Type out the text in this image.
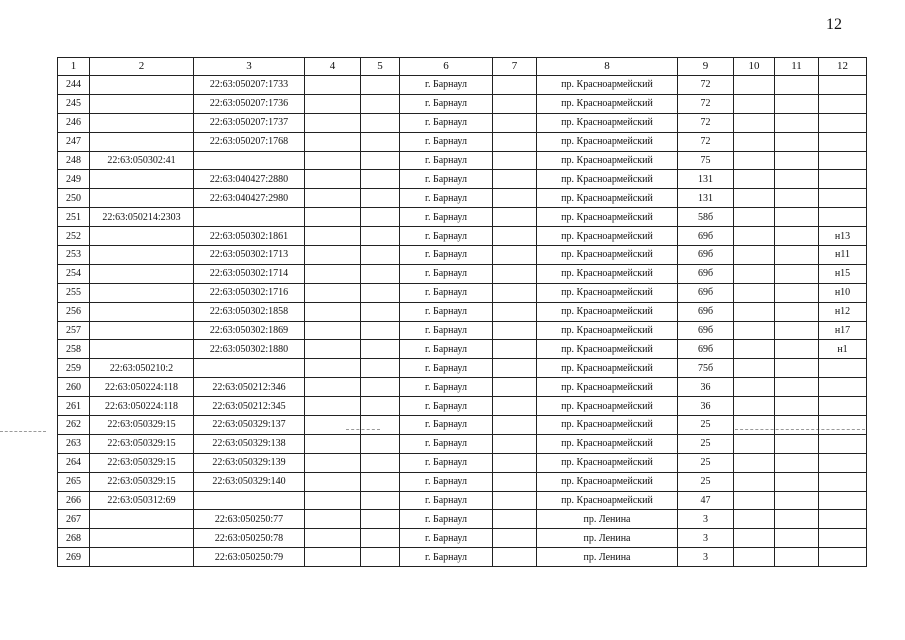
12
1	2	3	4	5	6	7	8	9	10	11	12
244		22:63:050207:1733			г. Барнаул		пр. Красноармейский	72			
245		22:63:050207:1736			г. Барнаул		пр. Красноармейский	72			
246		22:63:050207:1737			г. Барнаул		пр. Красноармейский	72			
247		22:63:050207:1768			г. Барнаул		пр. Красноармейский	72			
248	22:63:050302:41				г. Барнаул		пр. Красноармейский	75			
249		22:63:040427:2880			г. Барнаул		пр. Красноармейский	131			
250		22:63:040427:2980			г. Барнаул		пр. Красноармейский	131			
251	22:63:050214:2303				г. Барнаул		пр. Красноармейский	58б			
252		22:63:050302:1861			г. Барнаул		пр. Красноармейский	69б			н13
253		22:63:050302:1713			г. Барнаул		пр. Красноармейский	69б			н11
254		22:63:050302:1714			г. Барнаул		пр. Красноармейский	69б			н15
255		22:63:050302:1716			г. Барнаул		пр. Красноармейский	69б			н10
256		22:63:050302:1858			г. Барнаул		пр. Красноармейский	69б			н12
257		22:63:050302:1869			г. Барнаул		пр. Красноармейский	69б			н17
258		22:63:050302:1880			г. Барнаул		пр. Красноармейский	69б			н1
259	22:63:050210:2				г. Барнаул		пр. Красноармейский	75б			
260	22:63:050224:118	22:63:050212:346			г. Барнаул		пр. Красноармейский	36			
261	22:63:050224:118	22:63:050212:345			г. Барнаул		пр. Красноармейский	36			
262	22:63:050329:15	22:63:050329:137			г. Барнаул		пр. Красноармейский	25			
263	22:63:050329:15	22:63:050329:138			г. Барнаул		пр. Красноармейский	25			
264	22:63:050329:15	22:63:050329:139			г. Барнаул		пр. Красноармейский	25			
265	22:63:050329:15	22:63:050329:140			г. Барнаул		пр. Красноармейский	25			
266	22:63:050312:69				г. Барнаул		пр. Красноармейский	47			
267		22:63:050250:77			г. Барнаул		пр. Ленина	3			
268		22:63:050250:78			г. Барнаул		пр. Ленина	3			
269		22:63:050250:79			г. Барнаул		пр. Ленина	3			
